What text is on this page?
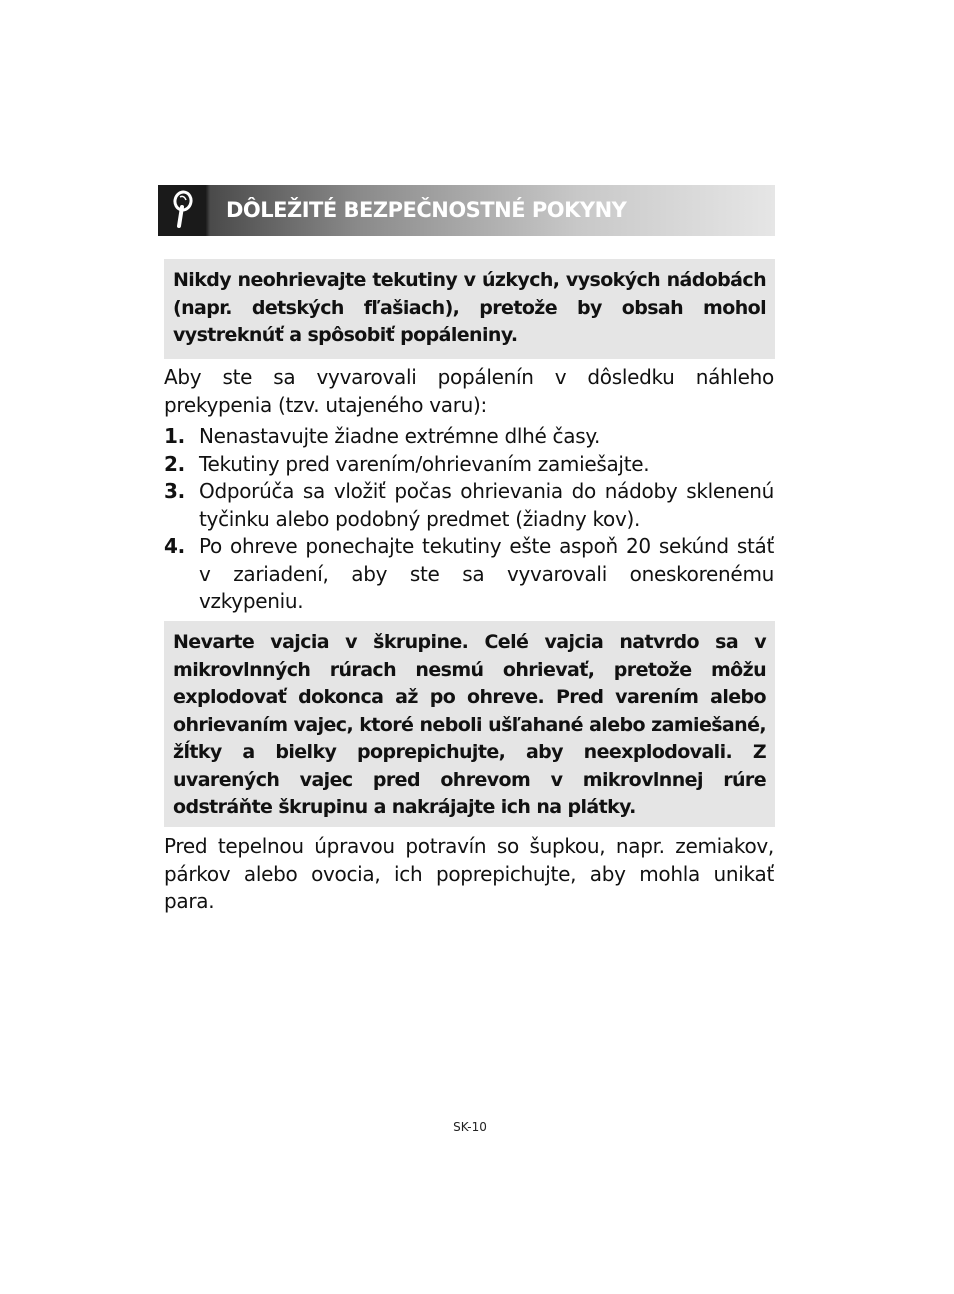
DÔLEŽITÉ BEZPEČNOSTNÉ POKYNY
Nikdy neohrievajte tekutiny v úzkych, vysokých nádobách (napr. detských fľašiach), pretože by obsah mohol vystreknúť a spôsobiť popáleniny.
Aby ste sa vyvarovali popálenín v dôsledku náhleho prekypenia (tzv. utajeného varu):
1. Nenastavujte žiadne extrémne dlhé časy.
2. Tekutiny pred varením/ohrievaním zamiešajte.
3. Odporúča sa vložiť počas ohrievania do nádoby sklenenú tyčinku alebo podobný predmet (žiadny kov).
4. Po ohreve ponechajte tekutiny ešte aspoň 20 sekúnd stáť v zariadení, aby ste sa vyvarovali oneskorenému vzkypeniu.
Nevarte vajcia v škrupine. Celé vajcia natvrdo sa v mikrovlnných rúrach nesmú ohrievať, pretože môžu explodovať dokonca až po ohreve. Pred varením alebo ohrievaním vajec, ktoré neboli ušľahané alebo zamiešané, žĺtky a bielky poprepichujte, aby neexplodovali. Z uvarených vajec pred ohrevom v mikrovlnnej rúre odstráňte škrupinu a nakrájajte ich na plátky.
Pred tepelnou úpravou potravín so šupkou, napr. zemiakov, párkov alebo ovocia, ich poprepichujte, aby mohla unikať para.
SK-10
